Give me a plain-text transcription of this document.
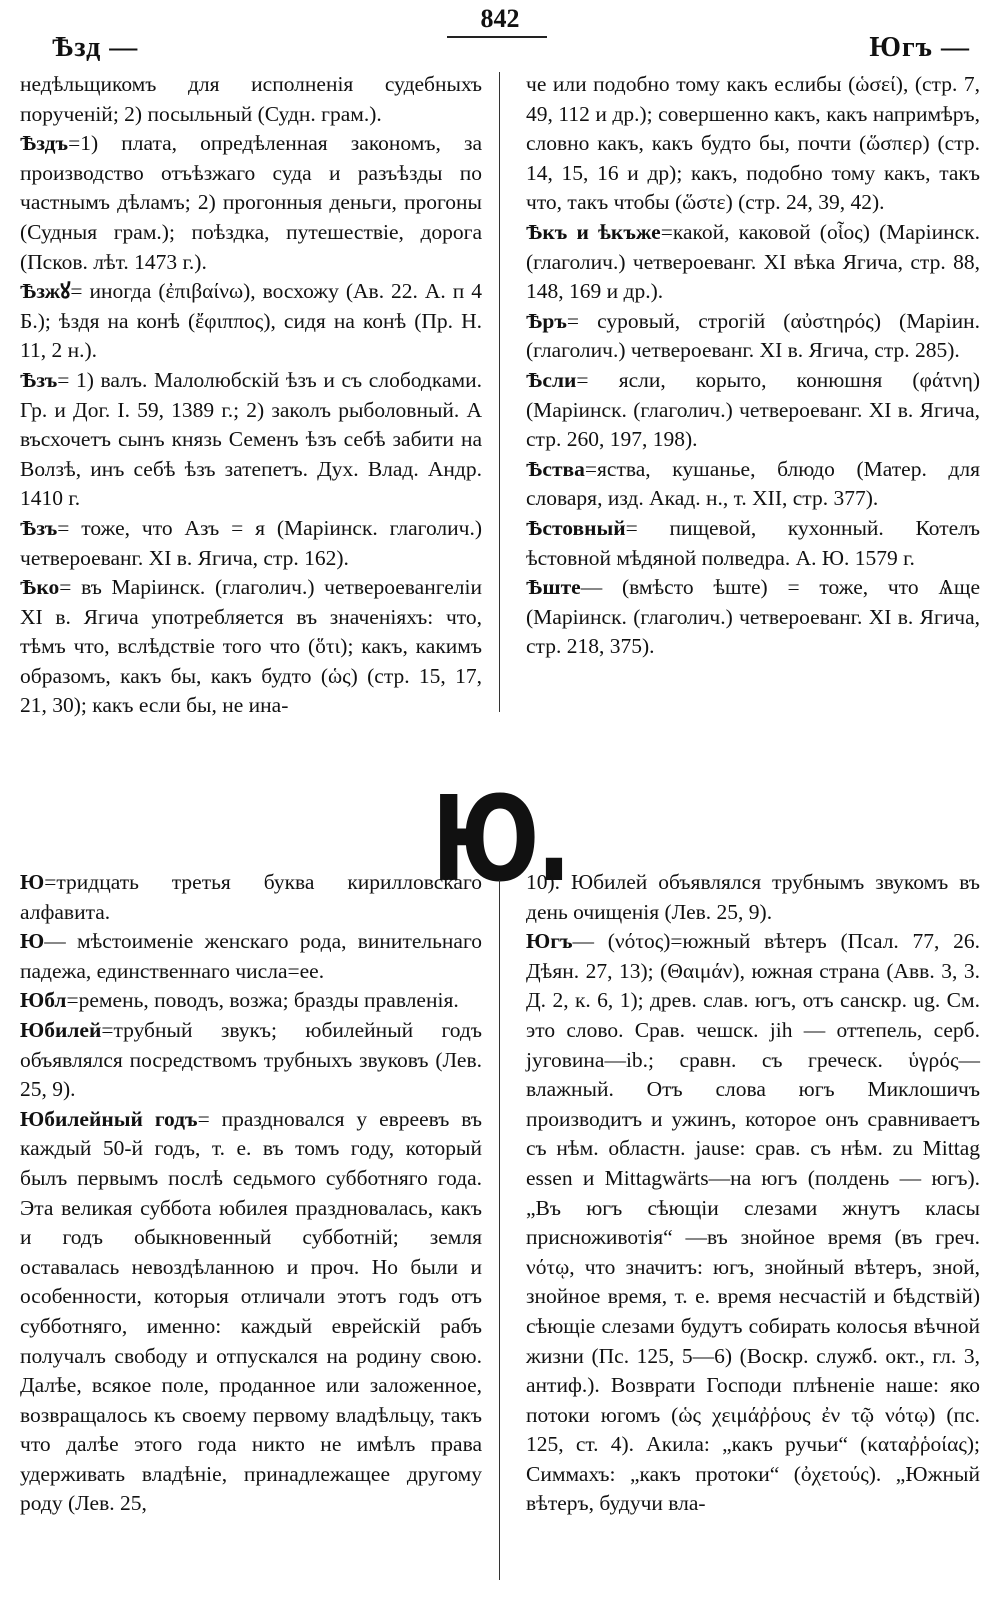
842
Ѣзд —	Югъ —

недѣльщикомъ для исполненія судебныхъ порученій; 2) посыльный (Судн. грам.).

Ѣздъ=1) плата, опредѣленная закономъ, за производство отъѣзжаго суда и разъѣзды по частнымъ дѣламъ; 2) прогонныя деньги, прогоны (Судныя грам.); поѣздка, путешествіе, дорога (Псков. лѣт. 1473 г.).

Ѣзжꙋ= иногда (ἐπιβαίνω), восхожу (Ав. 22. А. п 4 Б.); ѣздя на конѣ (ἔφιππος), сидя на конѣ (Пр. Н. 11, 2 н.).

Ѣзъ= 1) валъ. Малолюбскій ѣзъ и съ слободками. Гр. и Дог. I. 59, 1389 г.; 2) заколъ рыболовный. А въсхочетъ сынъ князь Семенъ ѣзъ себѣ забити на Волзѣ, инъ себѣ ѣзъ затепетъ. Дух. Влад. Андр. 1410 г.

Ѣзъ= тоже, что Азъ = я (Маріинск. глаголич.) четвероеванг. XI в. Ягича, стр. 162).

Ѣко= въ Маріинск. (глаголич.) четвероевангеліи XI в. Ягича употребляется въ значеніяхъ: что, тѣмъ что, вслѣдствіе того что (ὅτι); какъ, какимъ образомъ, какъ бы, какъ будто (ὡς) (стр. 15, 17, 21, 30); какъ если бы, не ина-

че или подобно тому какъ еслибы (ὡσεί), (стр. 7, 49, 112 и др.); совершенно какъ, какъ напримѣръ, словно какъ, какъ будто бы, почти (ὥσπερ) (стр. 14, 15, 16 и др); какъ, подобно тому какъ, такъ что, такъ чтобы (ὥστε) (стр. 24, 39, 42).

Ѣкъ и ѣкъже=какой, каковой (οἷος) (Маріинск. (глаголич.) четвероеванг. XI вѣка Ягича, стр. 88, 148, 169 и др.).

Ѣръ= суровый, строгій (αὐστηρός) (Маріин. (глаголич.) четвероеванг. XI в. Ягича, стр. 285).

Ѣсли= ясли, корыто, конюшня (φάτνη) (Маріинск. (глаголич.) четвероеванг. XI в. Ягича, стр. 260, 197, 198).

Ѣства=яства, кушанье, блюдо (Матер. для словаря, изд. Акад. н., т. XII, стр. 377).

Ѣстовный= пищевой, кухонный. Котелъ ѣстовной мѣдяной полведра. А. Ю. 1579 г.

Ѣште— (вмѣсто ѣште) = тоже, что Ѧще (Маріинск. (глаголич.) четвероеванг. XI в. Ягича, стр. 218, 375).

Ю.

Ю=тридцать третья буква кирилловскаго алфавита.

Ю— мѣстоименіе женскаго рода, винительнаго падежа, единственнаго числа=ее.

Юбл=ремень, поводъ, возжа; бразды правленія.

Юбилей=трубный звукъ; юбилейный годъ объявлялся посредствомъ трубныхъ звуковъ (Лев. 25, 9).

Юбилейный годъ= праздновался у евреевъ въ каждый 50-й годъ, т. е. въ томъ году, который былъ первымъ послѣ седьмого субботняго года. Эта великая суббота юбилея праздновалась, какъ и годъ обыкновенный субботній; земля оставалась невоздѣланною и проч. Но были и особенности, которыя отличали этотъ годъ отъ субботняго, именно: каждый еврейскій рабъ получалъ свободу и отпускался на родину свою. Далѣе, всякое поле, проданное или заложенное, возвращалось къ своему первому владѣльцу, такъ что далѣе этого года никто не имѣлъ права удерживать владѣніе, принадлежащее другому роду (Лев. 25,

10). Юбилей объявлялся трубнымъ звукомъ въ день очищенія (Лев. 25, 9).

Югъ— (νότος)=южный вѣтеръ (Псал. 77, 26. Дѣян. 27, 13); (Θαιμάν), южная страна (Авв. 3, 3. Д. 2, к. 6, 1); древ. слав. югъ, отъ санскр. ug. См. это слово. Срав. чешск. jih — оттепель, серб. југовина—ib.; сравн. съ греческ. ὑγρός—влажный. Отъ слова югъ Миклошичъ производитъ и ужинъ, которое онъ сравниваетъ съ нѣм. областн. jause: срав. съ нѣм. zu Mittag essen и Mittagwärts—на югъ (полдень — югъ). „Въ югъ сѣющіи слезами жнутъ класы присноживотія“ —въ знойное время (въ греч. νότῳ, что значитъ: югъ, знойный вѣтеръ, зной, знойное время, т. е. время несчастій и бѣдствій) сѣющіе слезами будутъ собирать колосья вѣчной жизни (Пс. 125, 5—6) (Воскр. служб. окт., гл. 3, антиф.). Возврати Господи плѣненіе наше: яко потоки югомъ (ὡς χειμάῤῥους ἐν τῷ νότῳ) (пс. 125, ст. 4). Акила: „какъ ручьи“ (καταῤῥοίας); Симмахъ: „какъ протоки“ (ὀχετούς). „Южный вѣтеръ, будучи вла-
